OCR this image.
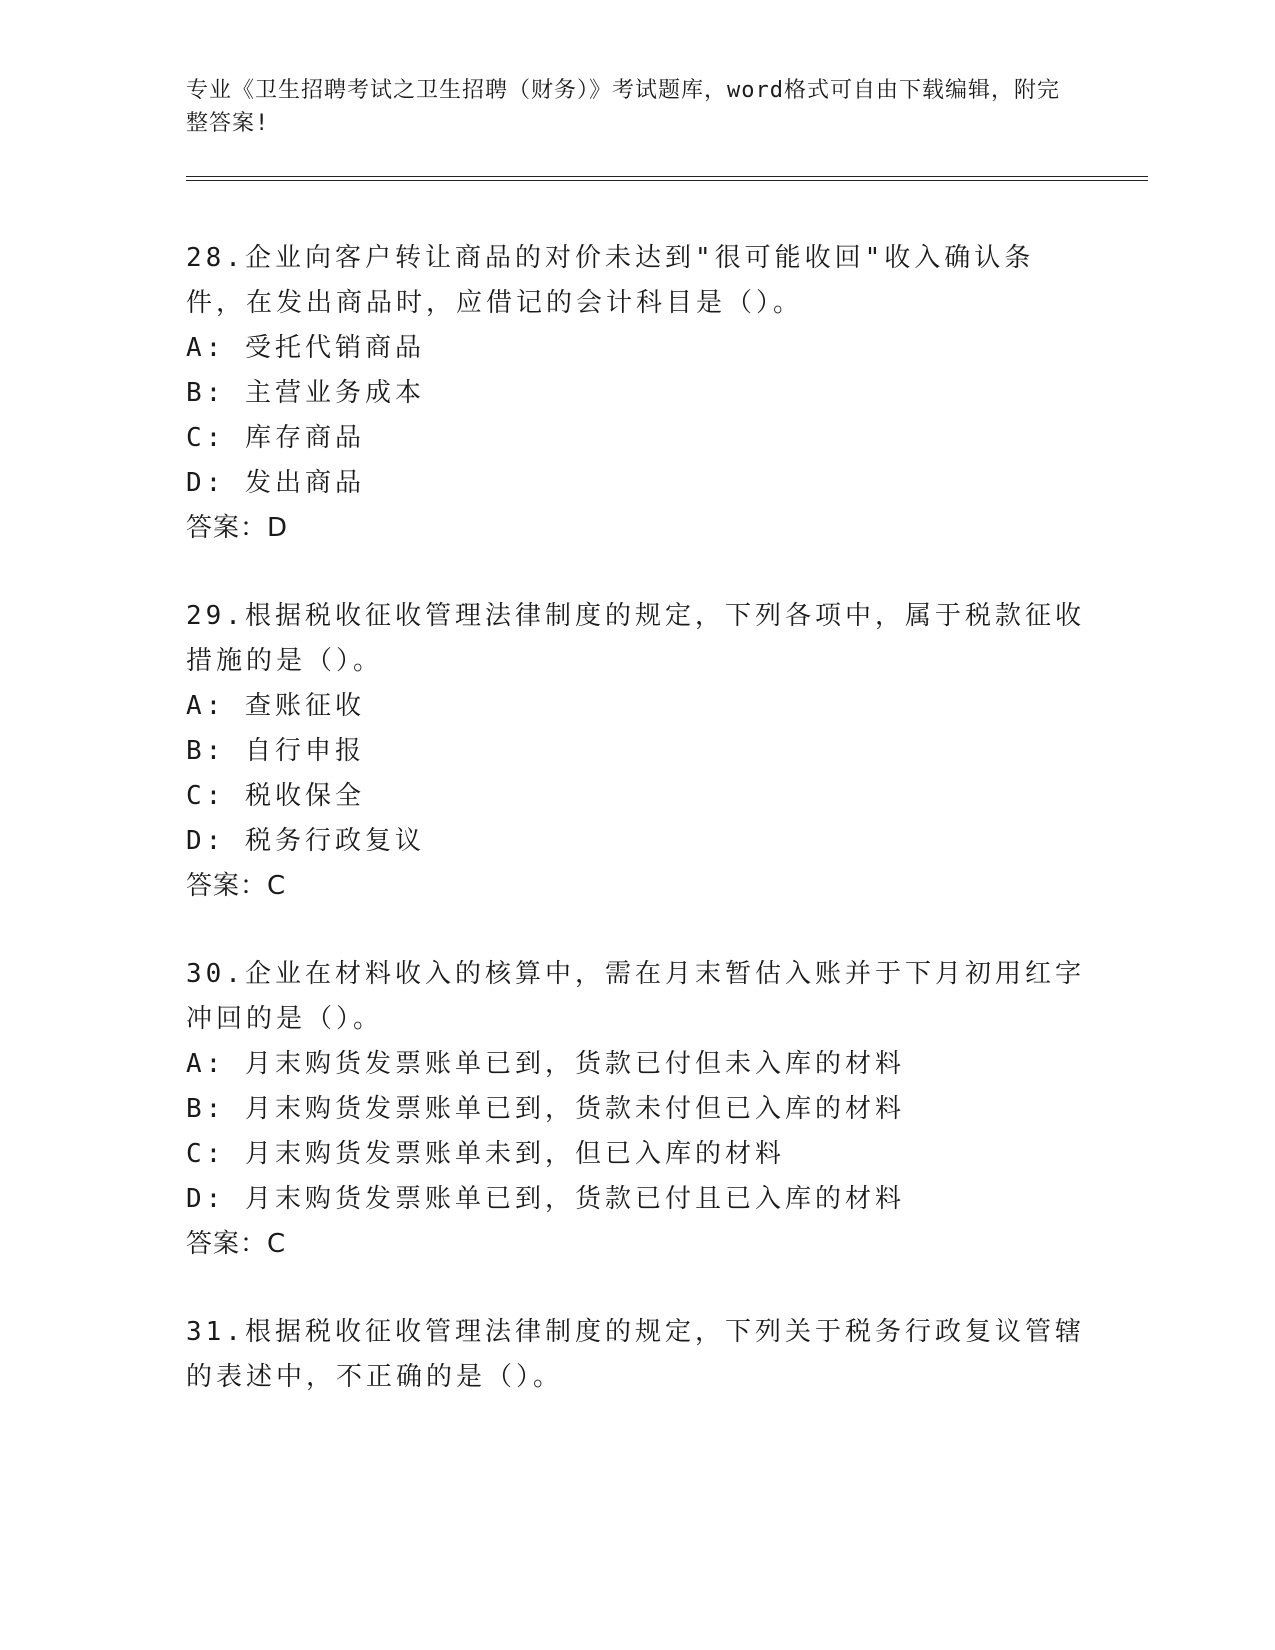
专业《卫生招聘考试之卫生招聘（财务）》考试题库，word格式可自由下载编辑，附完整答案!
28.企业向客户转让商品的对价未达到"很可能收回"收入确认条件，在发出商品时，应借记的会计科目是（）。
A: 受托代销商品
B: 主营业务成本
C: 库存商品
D: 发出商品
答案：D
29.根据税收征收管理法律制度的规定，下列各项中，属于税款征收措施的是（）。
A: 查账征收
B: 自行申报
C: 税收保全
D: 税务行政复议
答案：C
30.企业在材料收入的核算中，需在月末暂估入账并于下月初用红字冲回的是（）。
A: 月末购货发票账单已到，货款已付但未入库的材料
B: 月末购货发票账单已到，货款未付但已入库的材料
C: 月末购货发票账单未到，但已入库的材料
D: 月末购货发票账单已到，货款已付且已入库的材料
答案：C
31.根据税收征收管理法律制度的规定，下列关于税务行政复议管辖的表述中，不正确的是（）。
